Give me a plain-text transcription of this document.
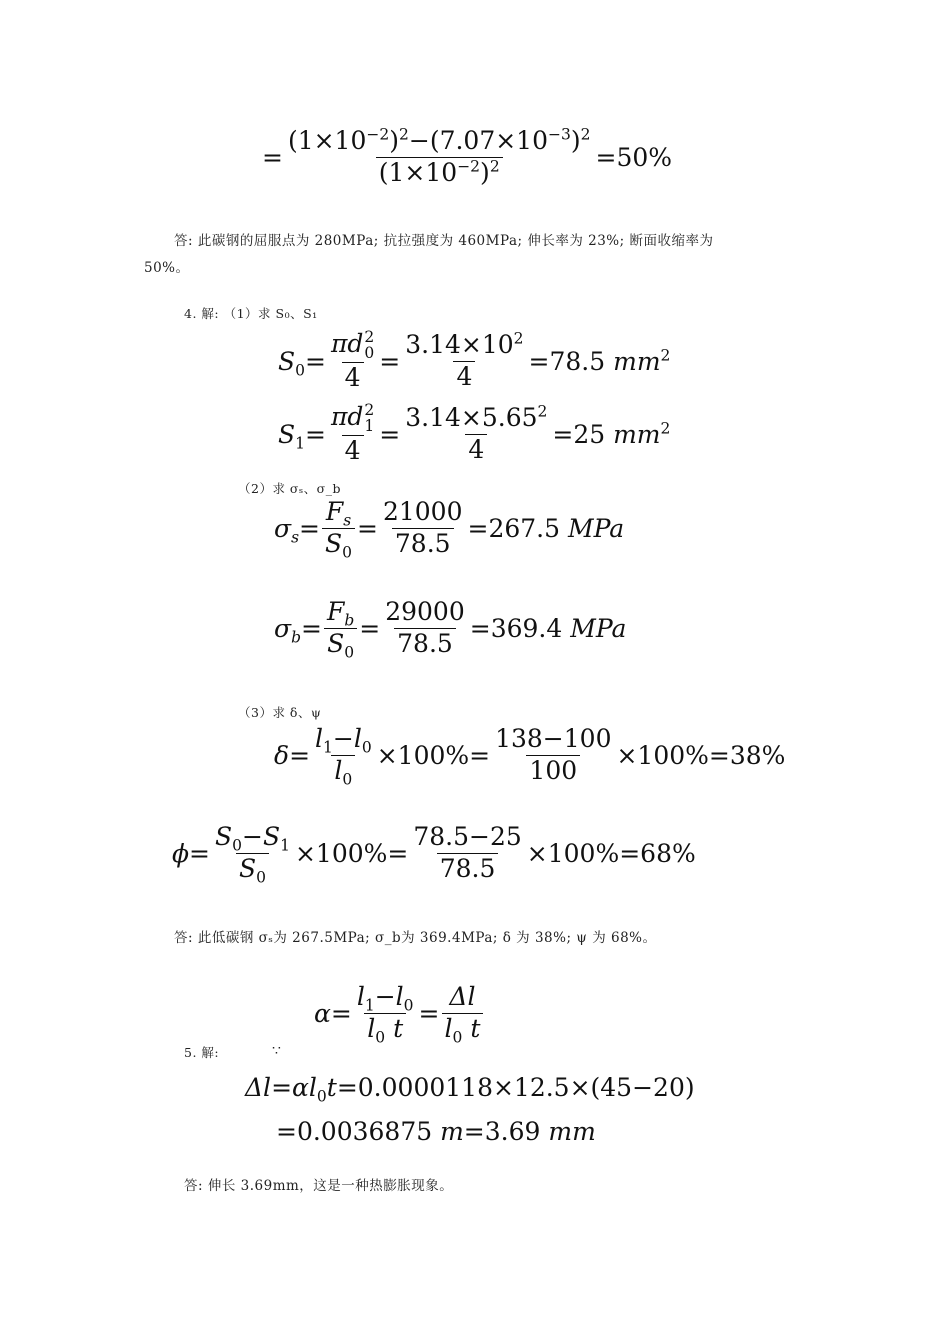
= $\frac{(1\times 10^{-2})^2-(7.07\times 10^{-3})^2}{(1\times 10^{-2})^2} =50\%$
答: 此碳钢的屈服点为 280MPa; 抗拉强度为 460MPa; 伸长率为 23%; 断面收缩率为
50%。
4. 解: （1）求 S₀、S₁
$S_0= \pi d$ 2
0
$4 = \frac{3.14\times 10^2}{4} =78.5$ $mm^2$
$S_1= \pi d$ 2
1
$4 = \frac{3.14\times 5.65^2}{4} =25$ $mm^2$
（2）求 σₛ、σ_b
$\sigma_s= \frac{F_s}{S_0} = \frac{21000}{78.5} =267.5$ MPa
$\sigma_b= \frac{F_b}{S_0} = \frac{29000}{78.5} =369.4$ MPa
（3）求 δ、ψ
$\delta= \frac{l_1-l_0}{l_0} \times 100\%= \frac{138-100}{100} \times 100\%=38\%$
$\phi= \frac{S_0-S_1}{S_0} \times 100\%= \frac{78.5-25}{78.5} \times 100\%=68\%$
答: 此低碳钢 σₛ为 267.5MPa; σ_b为 369.4MPa; δ 为 38%; ψ 为 68%。
$\alpha= \frac{l_1-l_0}{l_0 t} = \frac{\Delta l}{l_0 t}$
5. 解:	∵
$\Delta l=\alpha l_0t=0.0000118\times 12.5\times(45-20)$
=0.0036875 m=3.69 mm
答: 伸长 3.69mm，这是一种热膨胀现象。
